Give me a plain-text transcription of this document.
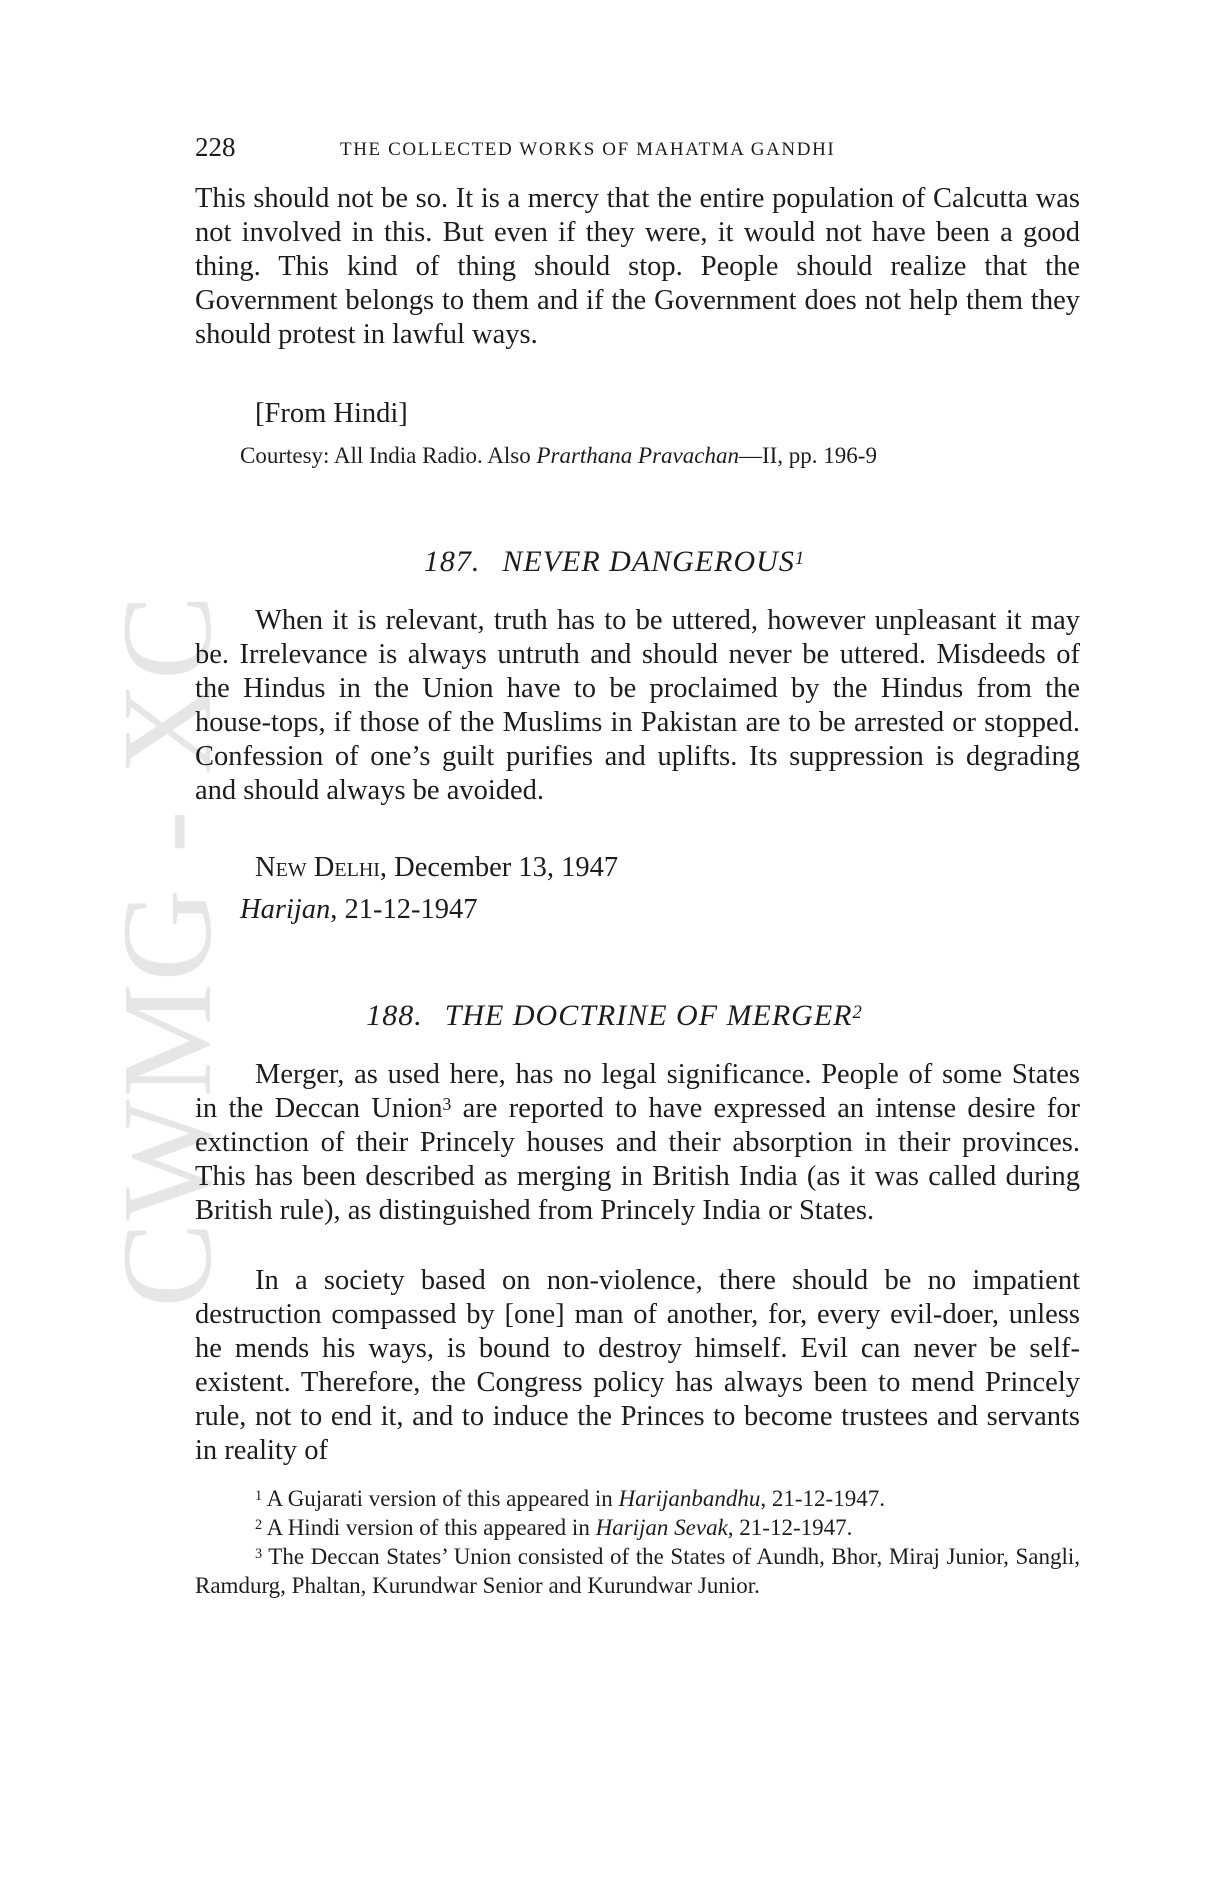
CWMG - XC
228	THE COLLECTED WORKS OF MAHATMA GANDHI

This should not be so. It is a mercy that the entire population of Calcutta was not involved in this. But even if they were, it would not have been a good thing. This kind of thing should stop. People should realize that the Government belongs to them and if the Government does not help them they should protest in lawful ways.

[From Hindi]

Courtesy: All India Radio. Also Prarthana Pravachan—II, pp. 196-9

187. NEVER DANGEROUS$^1$

When it is relevant, truth has to be uttered, however unpleasant it may be. Irrelevance is always untruth and should never be uttered. Misdeeds of the Hindus in the Union have to be proclaimed by the Hindus from the house-tops, if those of the Muslims in Pakistan are to be arrested or stopped. Confession of one’s guilt purifies and uplifts. Its suppression is degrading and should always be avoided.

New Delhi, December 13, 1947

Harijan, 21-12-1947

188. THE DOCTRINE OF MERGER$^2$

Merger, as used here, has no legal significance. People of some States in the Deccan Union$^3$ are reported to have expressed an intense desire for extinction of their Princely houses and their absorption in their provinces. This has been described as merging in British India (as it was called during British rule), as distinguished from Princely India or States.

In a society based on non-violence, there should be no impatient destruction compassed by [one] man of another, for, every evil-doer, unless he mends his ways, is bound to destroy himself. Evil can never be self-existent. Therefore, the Congress policy has always been to mend Princely rule, not to end it, and to induce the Princes to become trustees and servants in reality of

$^1$ A Gujarati version of this appeared in Harijanbandhu, 21-12-1947.

$^2$ A Hindi version of this appeared in Harijan Sevak, 21-12-1947.

$^3$ The Deccan States’ Union consisted of the States of Aundh, Bhor, Miraj Junior, Sangli, Ramdurg, Phaltan, Kurundwar Senior and Kurundwar Junior.
